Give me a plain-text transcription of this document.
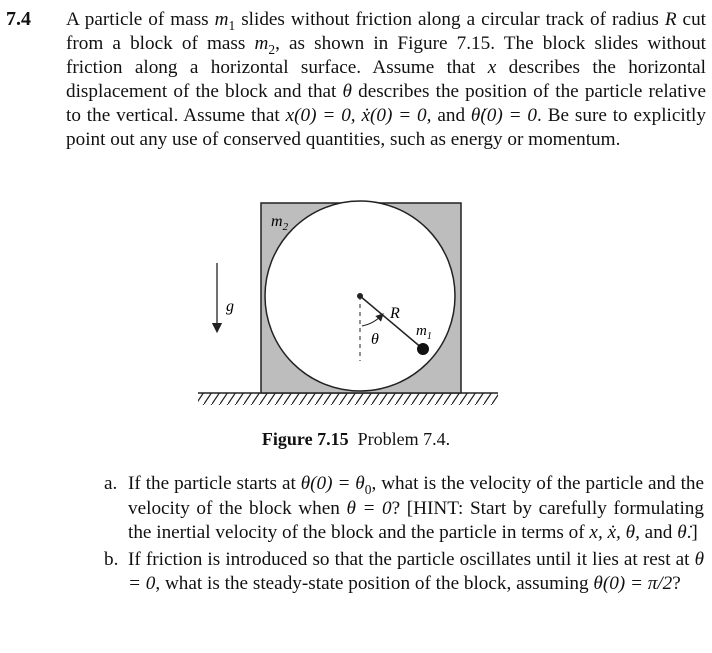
7.4 A particle of mass $m_1$ slides without friction along a circular track of radius R cut from a block of mass $m_2$, as shown in Figure 7.15. The block slides without friction along a horizontal surface. Assume that x describes the horizontal displacement of the block and that θ describes the position of the particle relative to the vertical. Assume that x(0) = 0, ẋ(0) = 0, and θ̇(0) = 0. Be sure to explicitly point out any use of conserved quantities, such as energy or momentum.

$m_2$
g
θ
R
$m_1$
Figure 7.15 Problem 7.4.

a. If the particle starts at $\theta(0) = \theta_0$, what is the velocity of the particle and the velocity of the block when θ = 0? [HINT: Start by carefully formulating the inertial velocity of the block and the particle in terms of x, ẋ, θ, and θ̇.]

b. If friction is introduced so that the particle oscillates until it lies at rest at θ = 0, what is the steady-state position of the block, assuming θ(0) = π/2?
